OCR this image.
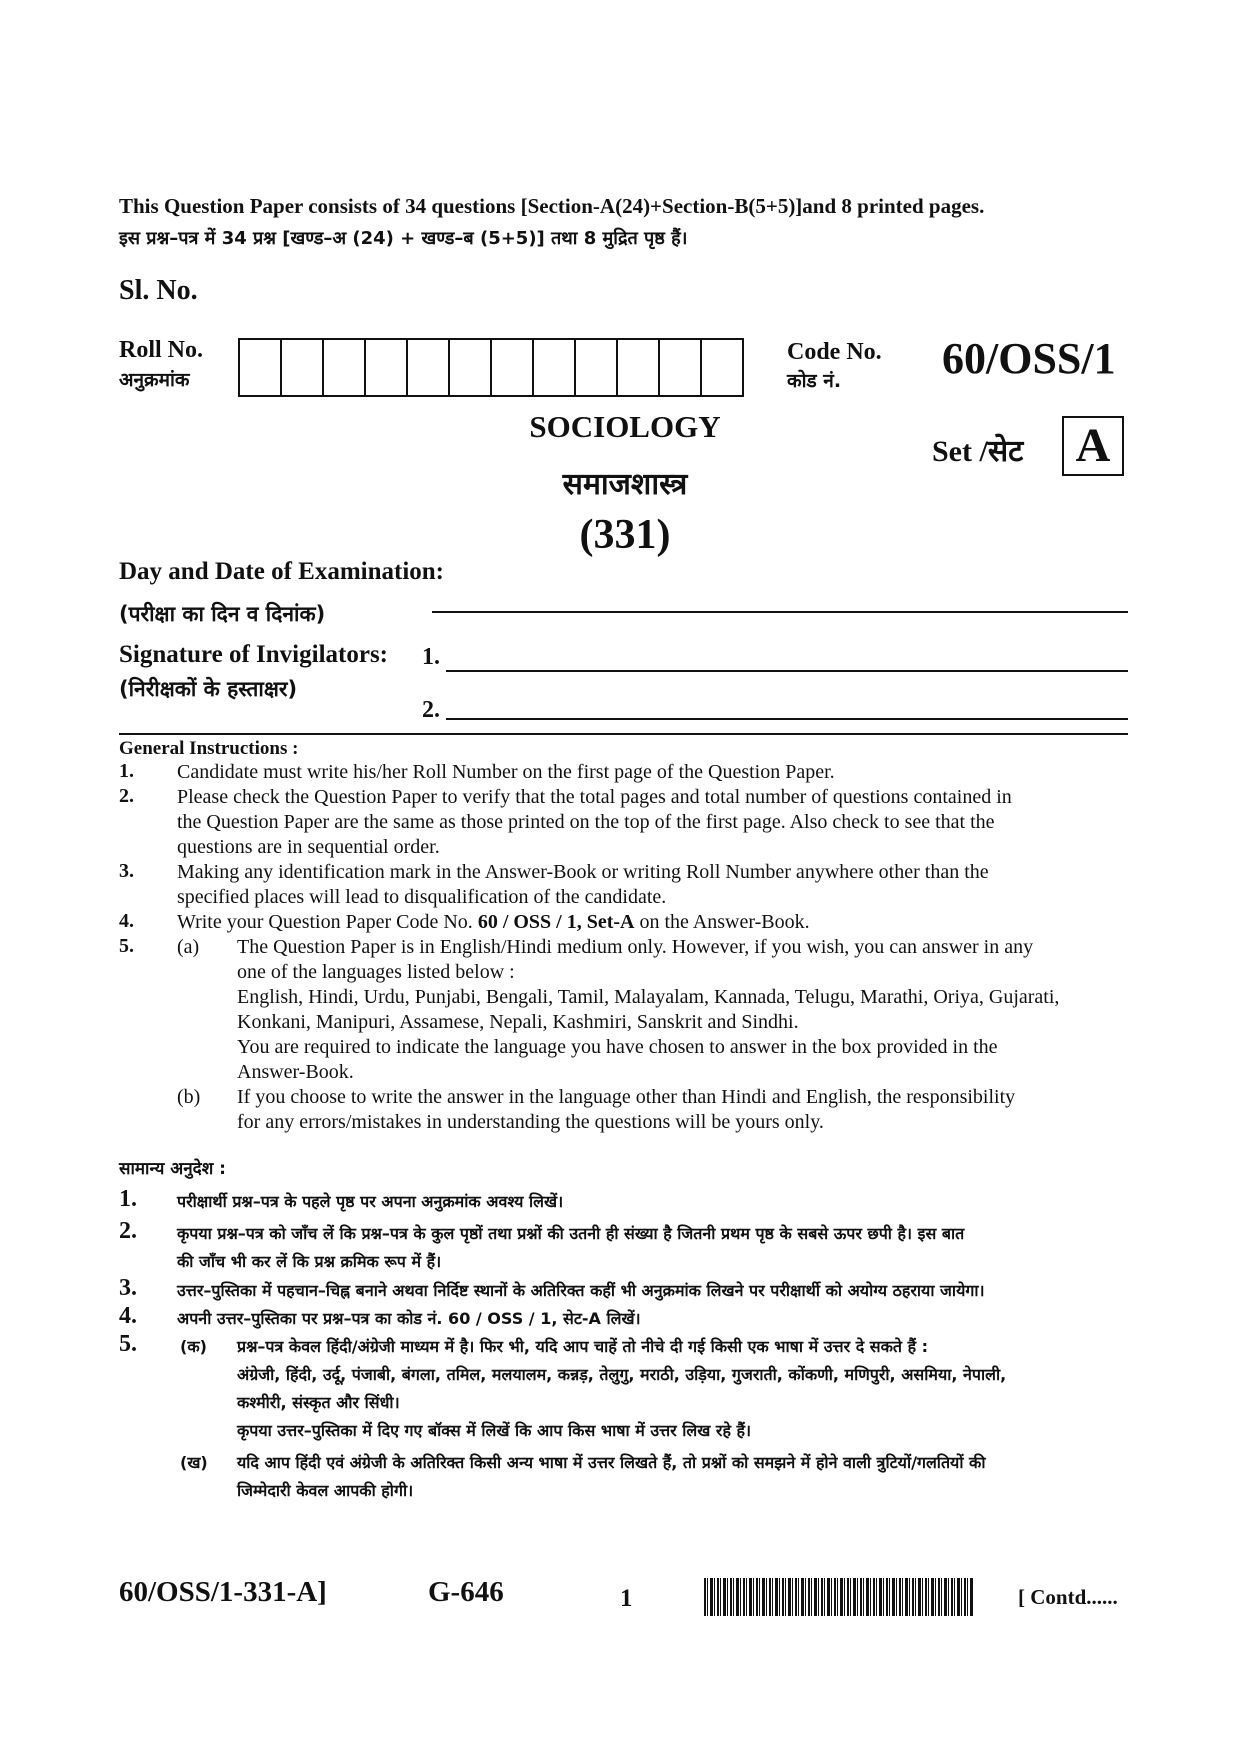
This Question Paper consists of 34 questions [Section-A(24)+Section-B(5+5)]and 8 printed pages.
इस प्रश्न–पत्र में 34 प्रश्न [खण्ड–अ (24) + खण्ड–ब (5+5)] तथा 8 मुद्रित पृष्ठ हैं।
Sl. No.
Roll No.
अनुक्रमांक
Code No.
कोड नं. 60/OSS/1
SOCIOLOGY
समाजशास्त्र
(331)
Set /सेट A
Day and Date of Examination:
(परीक्षा का दिन व दिनांक)
Signature of Invigilators:
(निरीक्षकों के हस्ताक्षर)
1.
2.
General Instructions :
1. Candidate must write his/her Roll Number on the first page of the Question Paper.
2. Please check the Question Paper to verify that the total pages and total number of questions contained in
the Question Paper are the same as those printed on the top of the first page. Also check to see that the
questions are in sequential order.
3. Making any identification mark in the Answer-Book or writing Roll Number anywhere other than the
specified places will lead to disqualification of the candidate.
4. Write your Question Paper Code No. 60 / OSS / 1, Set-A on the Answer-Book.
5. (a) The Question Paper is in English/Hindi medium only. However, if you wish, you can answer in any
one of the languages listed below :
English, Hindi, Urdu, Punjabi, Bengali, Tamil, Malayalam, Kannada, Telugu, Marathi, Oriya, Gujarati,
Konkani, Manipuri, Assamese, Nepali, Kashmiri, Sanskrit and Sindhi.
You are required to indicate the language you have chosen to answer in the box provided in the
Answer-Book.
(b) If you choose to write the answer in the language other than Hindi and English, the responsibility
for any errors/mistakes in understanding the questions will be yours only.
सामान्य अनुदेश :
1.	परीक्षार्थी प्रश्न–पत्र के पहले पृष्ठ पर अपना अनुक्रमांक अवश्य लिखें।
2.	कृपया प्रश्न–पत्र को जाँच लें कि प्रश्न–पत्र के कुल पृष्ठों तथा प्रश्नों की उतनी ही संख्या है जितनी प्रथम पृष्ठ के सबसे ऊपर छपी है। इस बात
की जाँच भी कर लें कि प्रश्न क्रमिक रूप में हैं।
3.	उत्तर–पुस्तिका में पहचान–चिह्न बनाने अथवा निर्दिष्ट स्थानों के अतिरिक्त कहीं भी अनुक्रमांक लिखने पर परीक्षार्थी को अयोग्य ठहराया जायेगा।
4.	अपनी उत्तर–पुस्तिका पर प्रश्न–पत्र का कोड नं. 60 / OSS / 1, सेट-A लिखें।
5.	(क) प्रश्न–पत्र केवल हिंदी/अंग्रेजी माध्यम में है। फिर भी, यदि आप चाहें तो नीचे दी गई किसी एक भाषा में उत्तर दे सकते हैं :
अंग्रेजी, हिंदी, उर्दू, पंजाबी, बंगला, तमिल, मलयालम, कन्नड़, तेलुगु, मराठी, उड़िया, गुजराती, कोंकणी, मणिपुरी, असमिया, नेपाली,
कश्मीरी, संस्कृत और सिंधी।
कृपया उत्तर–पुस्तिका में दिए गए बॉक्स में लिखें कि आप किस भाषा में उत्तर लिख रहे हैं।
(ख) यदि आप हिंदी एवं अंग्रेजी के अतिरिक्त किसी अन्य भाषा में उत्तर लिखते हैं, तो प्रश्नों को समझने में होने वाली त्रुटियों/गलतियों की
जिम्मेदारी केवल आपकी होगी।
60/OSS/1-331-A]	G-646	1	[ Contd......
